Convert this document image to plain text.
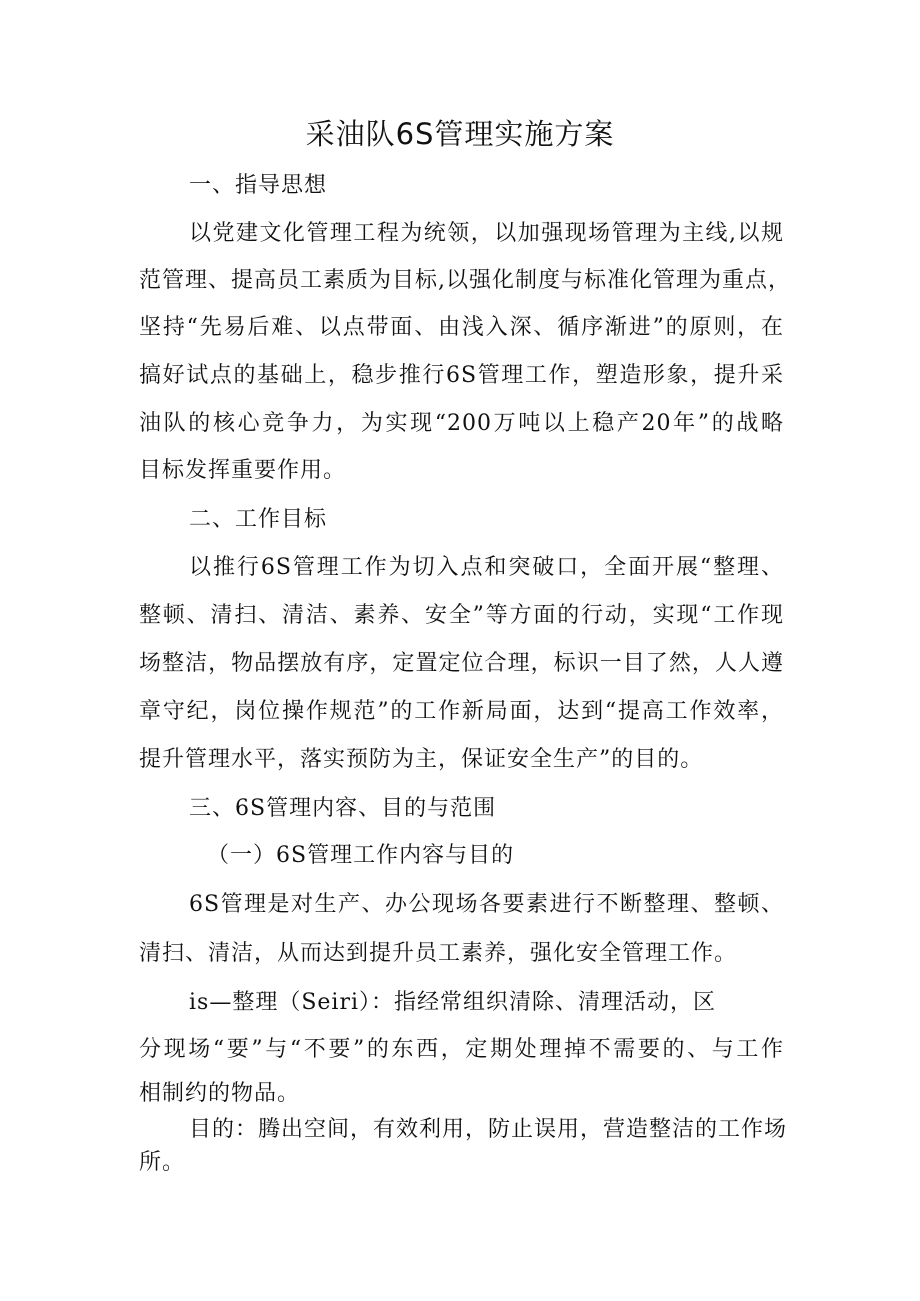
采油队6S管理实施方案
一、指导思想
以党建文化管理工程为统领，以加强现场管理为主线,以规
范管理、提高员工素质为目标,以强化制度与标准化管理为重点，
坚持“先易后难、以点带面、由浅入深、循序渐进”的原则，在
搞好试点的基础上，稳步推行6S管理工作，塑造形象，提升采
油队的核心竞争力，为实现“200万吨以上稳产20年”的战略
目标发挥重要作用。
二、工作目标
以推行6S管理工作为切入点和突破口，全面开展“整理、
整顿、清扫、清洁、素养、安全”等方面的行动，实现“工作现
场整洁，物品摆放有序，定置定位合理，标识一目了然，人人遵
章守纪，岗位操作规范”的工作新局面，达到“提高工作效率，
提升管理水平，落实预防为主，保证安全生产”的目的。
三、6S管理内容、目的与范围
（一）6S管理工作内容与目的
6S管理是对生产、办公现场各要素进行不断整理、整顿、
清扫、清洁，从而达到提升员工素养，强化安全管理工作。
is—整理（Seiri）：指经常组织清除、清理活动，区
分现场“要”与“不要”的东西，定期处理掉不需要的、与工作
相制约的物品。
目的：腾出空间，有效利用，防止误用，营造整洁的工作场
所。
